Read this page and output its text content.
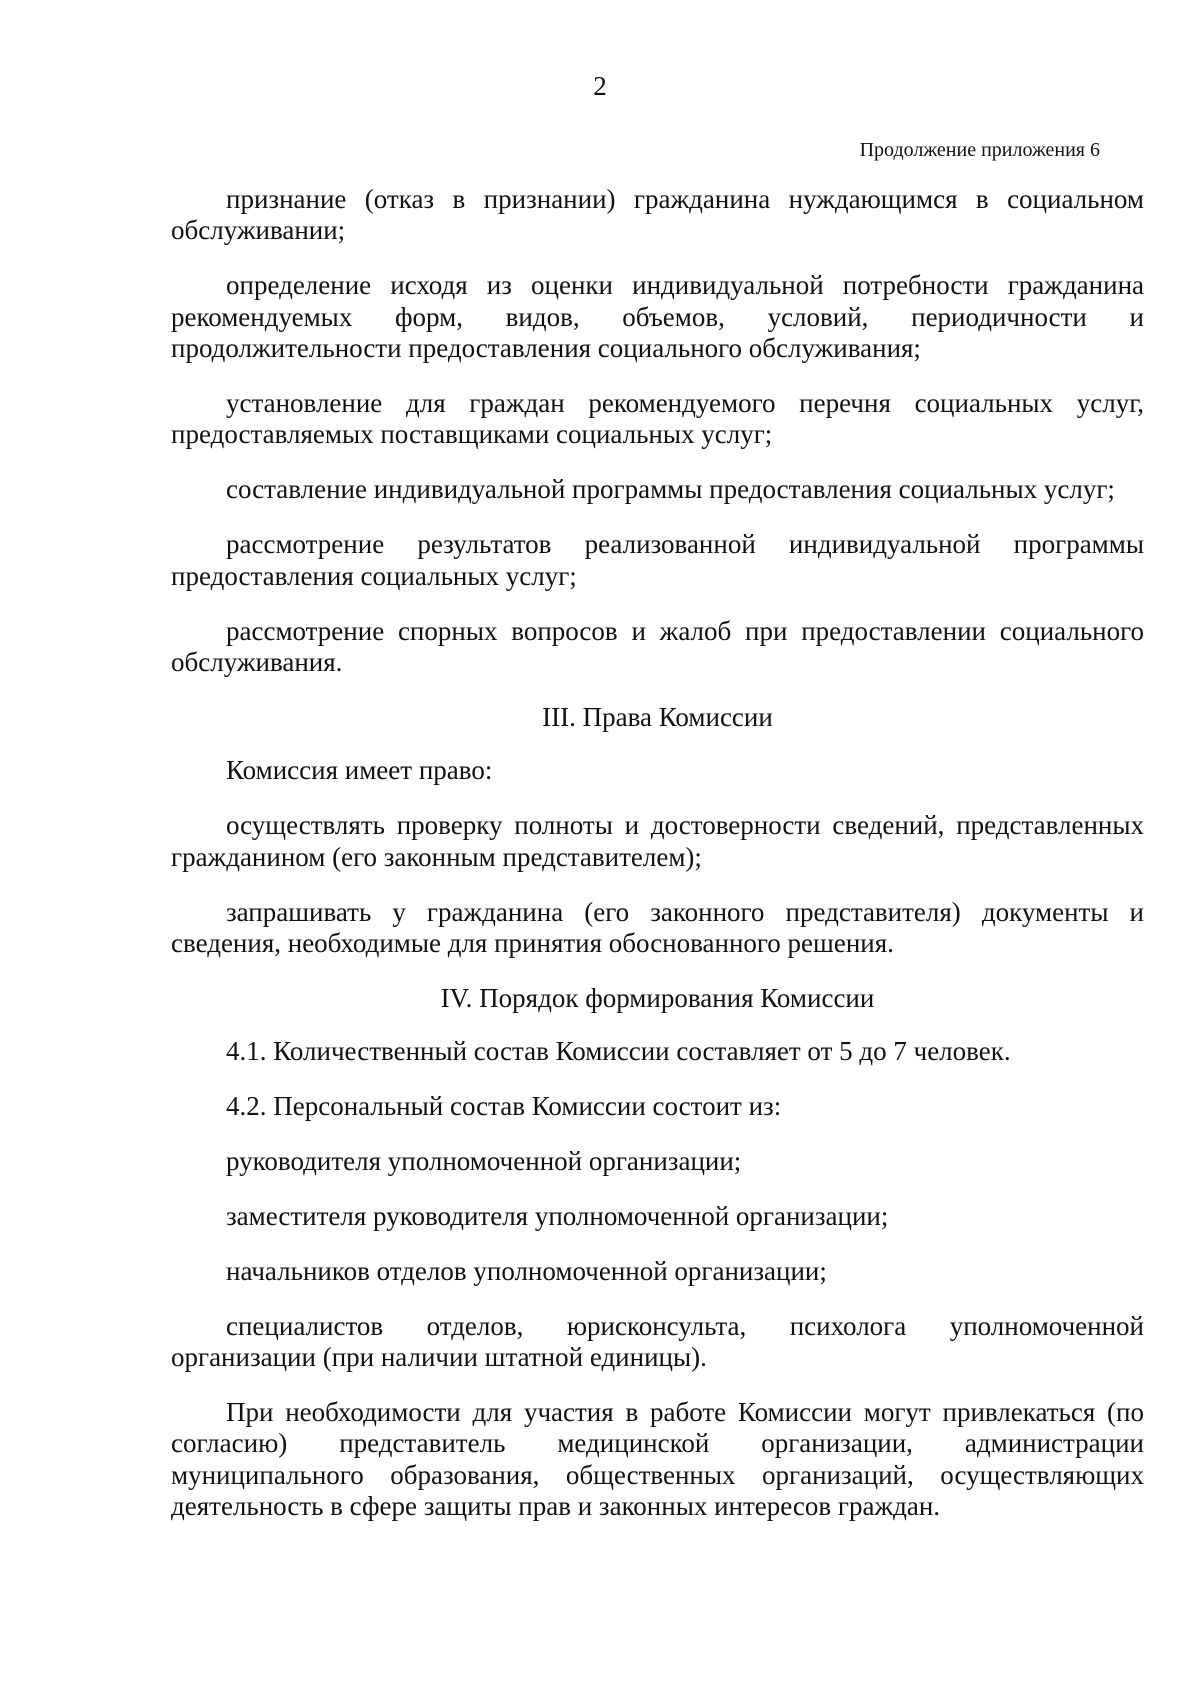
2
Продолжение приложения 6

признание (отказ в признании) гражданина нуждающимся в социальном обслуживании;

определение исходя из оценки индивидуальной потребности гражданина рекомендуемых форм, видов, объемов, условий, периодичности и продолжительности предоставления социального обслуживания;

установление для граждан рекомендуемого перечня социальных услуг, предоставляемых поставщиками социальных услуг;

составление индивидуальной программы предоставления социальных услуг;

рассмотрение результатов реализованной индивидуальной программы предоставления социальных услуг;

рассмотрение спорных вопросов и жалоб при предоставлении социального обслуживания.

III. Права Комиссии

Комиссия имеет право:

осуществлять проверку полноты и достоверности сведений, представленных гражданином (его законным представителем);

запрашивать у гражданина (его законного представителя) документы и сведения, необходимые для принятия обоснованного решения.

IV. Порядок формирования Комиссии

4.1. Количественный состав Комиссии составляет от 5 до 7 человек.

4.2. Персональный состав Комиссии состоит из:

руководителя уполномоченной организации;

заместителя руководителя уполномоченной организации;

начальников отделов уполномоченной организации;

специалистов отделов, юрисконсульта, психолога уполномоченной организации (при наличии штатной единицы).

При необходимости для участия в работе Комиссии могут привлекаться (по согласию) представитель медицинской организации, администрации муниципального образования, общественных организаций, осуществляющих деятельность в сфере защиты прав и законных интересов граждан.
